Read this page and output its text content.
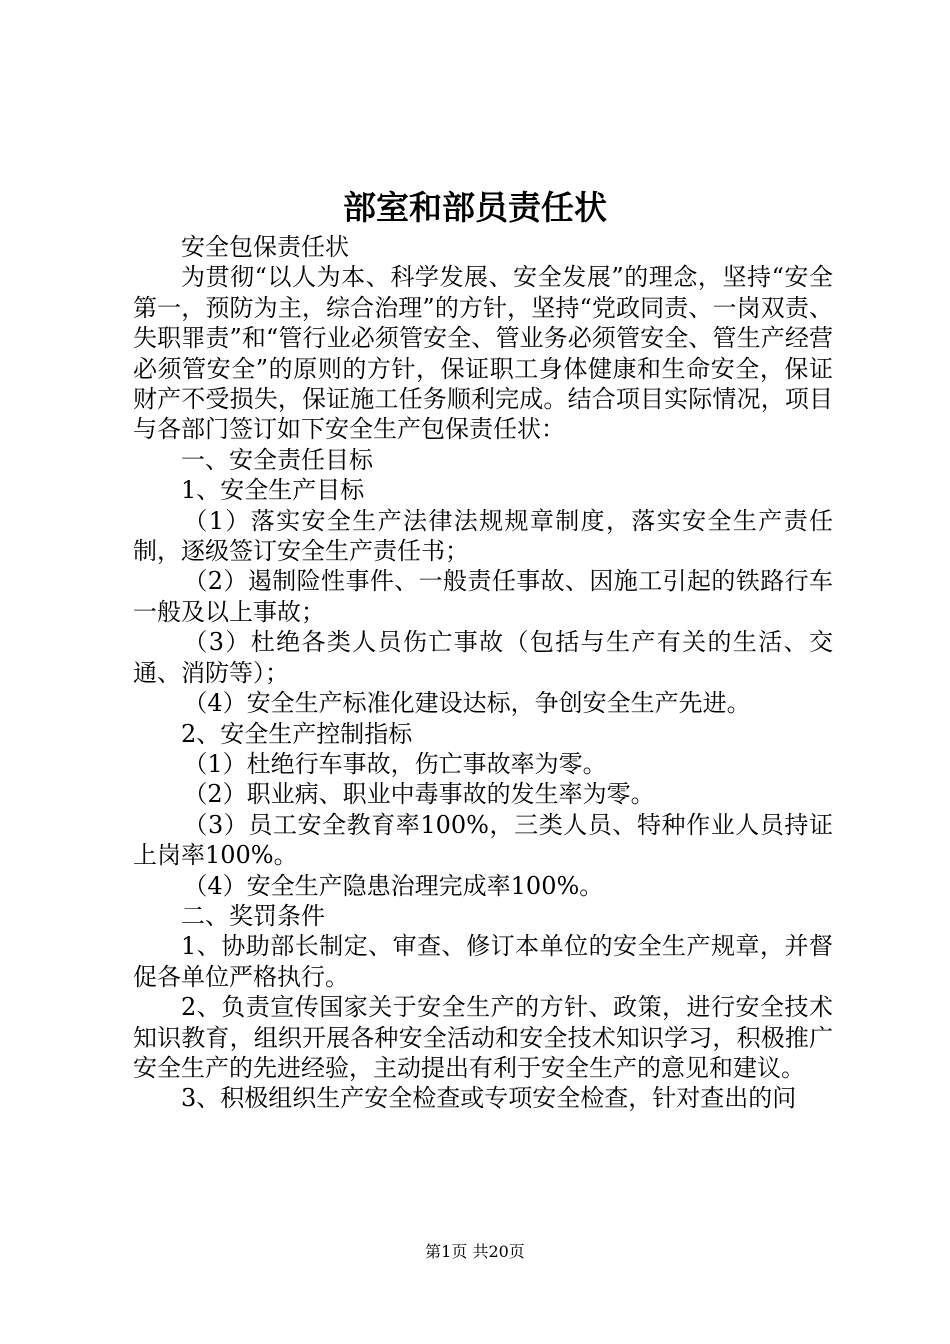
部室和部员责任状

安全包保责任状

为贯彻“以人为本、科学发展、安全发展”的理念，坚持“安全第一，预防为主，综合治理”的方针，坚持“党政同责、一岗双责、失职罪责”和“管行业必须管安全、管业务必须管安全、管生产经营必须管安全”的原则的方针，保证职工身体健康和生命安全，保证财产不受损失，保证施工任务顺利完成。结合项目实际情况，项目与各部门签订如下安全生产包保责任状：

一、安全责任目标

1、安全生产目标

（1）落实安全生产法律法规规章制度，落实安全生产责任制，逐级签订安全生产责任书；

（2）遏制险性事件、一般责任事故、因施工引起的铁路行车一般及以上事故；

（3）杜绝各类人员伤亡事故（包括与生产有关的生活、交通、消防等）；

（4）安全生产标准化建设达标，争创安全生产先进。

2、安全生产控制指标

（1）杜绝行车事故，伤亡事故率为零。

（2）职业病、职业中毒事故的发生率为零。

（3）员工安全教育率100%，三类人员、特种作业人员持证上岗率100%。

（4）安全生产隐患治理完成率100%。

二、奖罚条件

1、协助部长制定、审查、修订本单位的安全生产规章，并督促各单位严格执行。

2、负责宣传国家关于安全生产的方针、政策，进行安全技术知识教育，组织开展各种安全活动和安全技术知识学习，积极推广安全生产的先进经验，主动提出有利于安全生产的意见和建议。

3、积极组织生产安全检查或专项安全检查，针对查出的问

第1页 共20页
